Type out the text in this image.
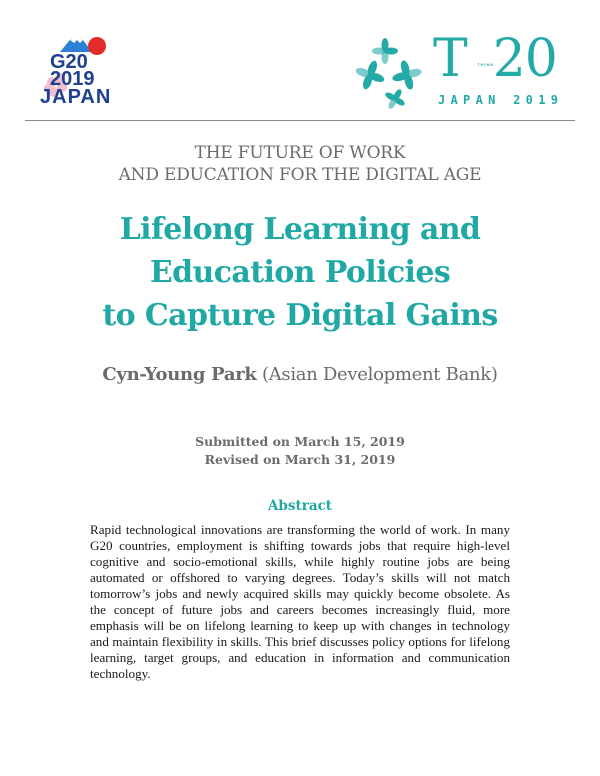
G20
2019
JAPAN
T 20
THINK
JAPAN 2019
THE FUTURE OF WORK
AND EDUCATION FOR THE DIGITAL AGE
Lifelong Learning and
Education Policies
to Capture Digital Gains
Cyn-Young Park (Asian Development Bank)
Submitted on March 15, 2019
Revised on March 31, 2019
Abstract
Rapid technological innovations are transforming the world of work. In many G20 countries, employment is shifting towards jobs that require high-level cognitive and socio-emotional skills, while highly routine jobs are being automated or offshored to varying degrees. Today’s skills will not match tomorrow’s jobs and newly acquired skills may quickly become obsolete. As the concept of future jobs and careers becomes increasingly fluid, more emphasis will be on lifelong learning to keep up with changes in technology and maintain flexibility in skills. This brief discusses policy options for lifelong learning, target groups, and education in information and communication technology.
